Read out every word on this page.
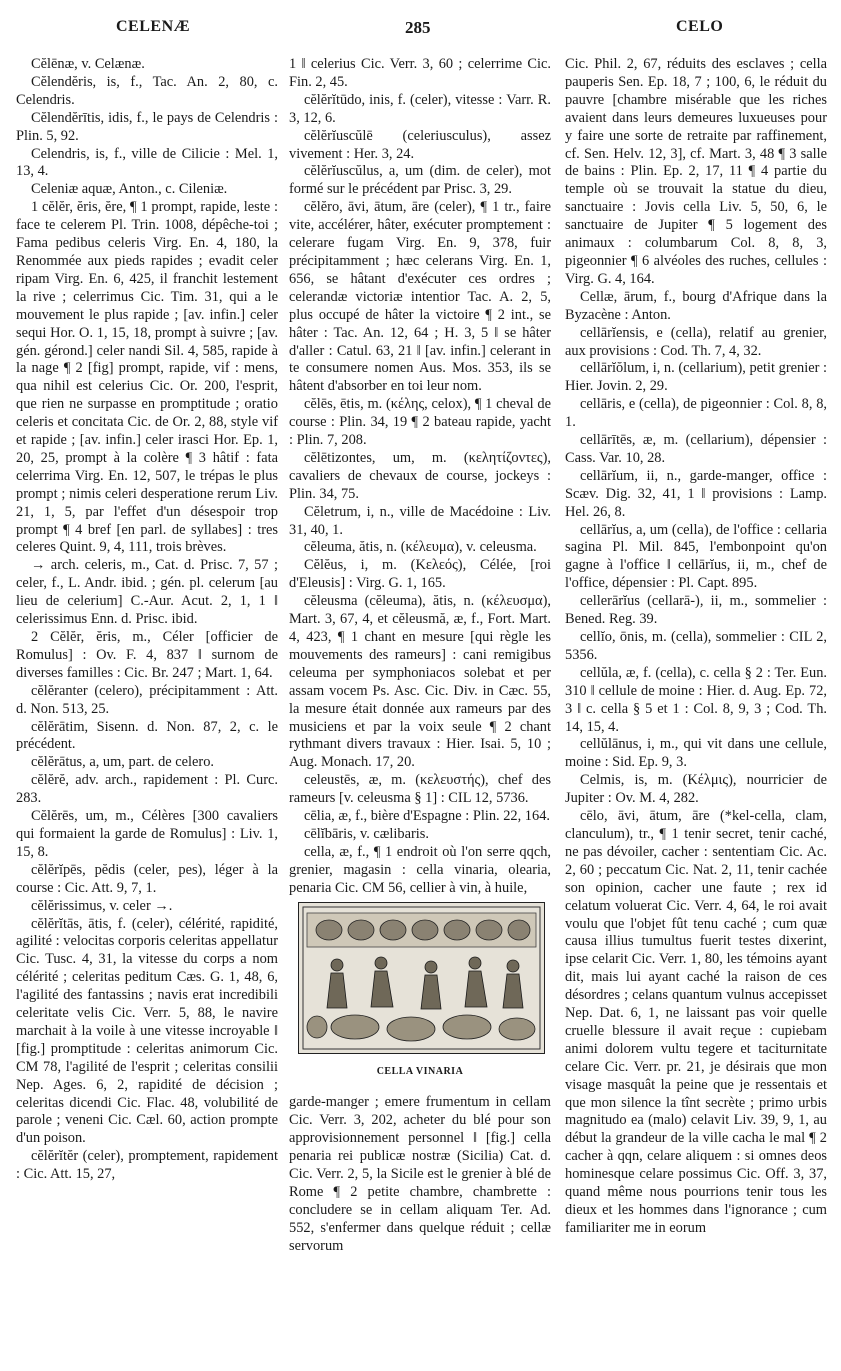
CELENÆ	285	CELO

Cĕlēnæ, v. Celænæ.

Cĕlendĕris, is, f., Tac. An. 2, 80, c. Celendris.

Cĕlendĕrītis, idis, f., le pays de Celendris : Plin. 5, 92.

Celendris, is, f., ville de Cilicie : Mel. 1, 13, 4.

Celeniæ aquæ, Anton., c. Cileniæ.

1 cĕlĕr, ĕris, ĕre, ¶ 1 prompt, rapide, leste : face te celerem Pl. Trin. 1008, dépêche-toi ; Fama pedibus celeris Virg. En. 4, 180, la Renommée aux pieds rapides ; evadit celer ripam Virg. En. 6, 425, il franchit lestement la rive ; celerrimus Cic. Tim. 31, qui a le mouvement le plus rapide ; [av. infin.] celer sequi Hor. O. 1, 15, 18, prompt à suivre ; [av. gén. gérond.] celer nandi Sil. 4, 585, rapide à la nage ¶ 2 [fig] prompt, rapide, vif : mens, qua nihil est celerius Cic. Or. 200, l'esprit, que rien ne surpasse en promptitude ; oratio celeris et concitata Cic. de Or. 2, 88, style vif et rapide ; [av. infin.] celer irasci Hor. Ep. 1, 20, 25, prompt à la colère ¶ 3 hâtif : fata celerrima Virg. En. 12, 507, le trépas le plus prompt ; nimis celeri desperatione rerum Liv. 21, 1, 5, par l'effet d'un désespoir trop prompt ¶ 4 bref [en parl. de syllabes] : tres celeres Quint. 9, 4, 111, trois brèves.

→ arch. celeris, m., Cat. d. Prisc. 7, 57 ; celer, f., L. Andr. ibid. ; gén. pl. celerum [au lieu de celerium] C.-Aur. Acut. 2, 1, 1 ‖ celerissimus Enn. d. Prisc. ibid.

2 Cĕlĕr, ĕris, m., Céler [officier de Romulus] : Ov. F. 4, 837 ‖ surnom de diverses familles : Cic. Br. 247 ; Mart. 1, 64.

cĕlĕranter (celero), précipitamment : Att. d. Non. 513, 25.

cĕlĕrātim, Sisenn. d. Non. 87, 2, c. le précédent.

cĕlĕrātus, a, um, part. de celero.

cĕlĕrĕ, adv. arch., rapidement : Pl. Curc. 283.

Cĕlĕrēs, um, m., Célères [300 cavaliers qui formaient la garde de Romulus] : Liv. 1, 15, 8.

cĕlĕrĭpēs, pĕdis (celer, pes), léger à la course : Cic. Att. 9, 7, 1.

cĕlĕrissimus, v. celer →.

cĕlĕrĭtās, ātis, f. (celer), célérité, rapidité, agilité : velocitas corporis celeritas appellatur Cic. Tusc. 4, 31, la vitesse du corps a nom célérité ; celeritas peditum Cæs. G. 1, 48, 6, l'agilité des fantassins ; navis erat incredibili celeritate velis Cic. Verr. 5, 88, le navire marchait à la voile à une vitesse incroyable ‖ [fig.] promptitude : celeritas animorum Cic. CM 78, l'agilité de l'esprit ; celeritas consilii Nep. Ages. 6, 2, rapidité de décision ; celeritas dicendi Cic. Flac. 48, volubilité de parole ; veneni Cic. Cæl. 60, action prompte d'un poison.

cĕlĕrĭtĕr (celer), promptement, rapidement : Cic. Att. 15, 27,

1 ‖ celerius Cic. Verr. 3, 60 ; celerrime Cic. Fin. 2, 45.

cĕlĕrĭtūdo, inis, f. (celer), vitesse : Varr. R. 3, 12, 6.

cĕlĕrĭuscŭlē (celeriusculus), assez vivement : Her. 3, 24.

cĕlĕrĭuscŭlus, a, um (dim. de celer), mot formé sur le précédent par Prisc. 3, 29.

cĕlĕro, āvi, ātum, āre (celer), ¶ 1 tr., faire vite, accélérer, hâter, exécuter promptement : celerare fugam Virg. En. 9, 378, fuir précipitamment ; hæc celerans Virg. En. 1, 656, se hâtant d'exécuter ces ordres ; celerandæ victoriæ intentior Tac. A. 2, 5, plus occupé de hâter la victoire ¶ 2 int., se hâter : Tac. An. 12, 64 ; H. 3, 5 ‖ se hâter d'aller : Catul. 63, 21 ‖ [av. infin.] celerant in te consumere nomen Aus. Mos. 353, ils se hâtent d'absorber en toi leur nom.

cĕlēs, ētis, m. (κέλης, celox), ¶ 1 cheval de course : Plin. 34, 19 ¶ 2 bateau rapide, yacht : Plin. 7, 208.

cĕlētizontes, um, m. (κελητίζοντες), cavaliers de chevaux de course, jockeys : Plin. 34, 75.

Cĕletrum, i, n., ville de Macédoine : Liv. 31, 40, 1.

cĕleuma, ătis, n. (κέλευμα), v. celeusma.

Cĕlĕus, i, m. (Κελεός), Célée, [roi d'Eleusis] : Virg. G. 1, 165.

cĕleusma (cĕleuma), ătis, n. (κέλευσμα), Mart. 3, 67, 4, et cĕleusmă, æ, f., Fort. Mart. 4, 423, ¶ 1 chant en mesure [qui règle les mouvements des rameurs] : cani remigibus celeuma per symphoniacos solebat et per assam vocem Ps. Asc. Cic. Div. in Cæc. 55, la mesure était donnée aux rameurs par des musiciens et par la voix seule ¶ 2 chant rythmant divers travaux : Hier. Isai. 5, 10 ; Aug. Monach. 17, 20.

celeustēs, æ, m. (κελευστής), chef des rameurs [v. celeusma § 1] : CIL 12, 5736.

cēlia, æ, f., bière d'Espagne : Plin. 22, 164.

cēlĭbāris, v. cælibaris.

cella, æ, f., ¶ 1 endroit où l'on serre qqch, grenier, magasin : cella vinaria, olearia, penaria Cic. CM 56, cellier à vin, à huile,

CELLA VINARIA

garde-manger ; emere frumentum in cellam Cic. Verr. 3, 202, acheter du blé pour son approvisionnement personnel ‖ [fig.] cella penaria rei publicæ nostræ (Sicilia) Cat. d. Cic. Verr. 2, 5, la Sicile est le grenier à blé de Rome ¶ 2 petite chambre, chambrette : concludere se in cellam aliquam Ter. Ad. 552, s'enfermer dans quelque réduit ; cellæ servorum

Cic. Phil. 2, 67, réduits des esclaves ; cella pauperis Sen. Ep. 18, 7 ; 100, 6, le réduit du pauvre [chambre misérable que les riches avaient dans leurs demeures luxueuses pour y faire une sorte de retraite par raffinement, cf. Sen. Helv. 12, 3], cf. Mart. 3, 48 ¶ 3 salle de bains : Plin. Ep. 2, 17, 11 ¶ 4 partie du temple où se trouvait la statue du dieu, sanctuaire : Jovis cella Liv. 5, 50, 6, le sanctuaire de Jupiter ¶ 5 logement des animaux : columbarum Col. 8, 8, 3, pigeonnier ¶ 6 alvéoles des ruches, cellules : Virg. G. 4, 164.

Cellæ, ārum, f., bourg d'Afrique dans la Byzacène : Anton.

cellārĭensis, e (cella), relatif au grenier, aux provisions : Cod. Th. 7, 4, 32.

cellārĭŏlum, i, n. (cellarium), petit grenier : Hier. Jovin. 2, 29.

cellāris, e (cella), de pigeonnier : Col. 8, 8, 1.

cellārītēs, æ, m. (cellarium), dépensier : Cass. Var. 10, 28.

cellārĭum, ii, n., garde-manger, office : Scæv. Dig. 32, 41, 1 ‖ provisions : Lamp. Hel. 26, 8.

cellārĭus, a, um (cella), de l'office : cellaria sagina Pl. Mil. 845, l'embonpoint qu'on gagne à l'office ‖ cellārĭus, ii, m., chef de l'office, dépensier : Pl. Capt. 895.

cellerārĭus (cellarā-), ii, m., sommelier : Bened. Reg. 39.

cellĭo, ōnis, m. (cella), sommelier : CIL 2, 5356.

cellŭla, æ, f. (cella), c. cella § 2 : Ter. Eun. 310 ‖ cellule de moine : Hier. d. Aug. Ep. 72, 3 ‖ c. cella § 5 et 1 : Col. 8, 9, 3 ; Cod. Th. 14, 15, 4.

cellŭlānus, i, m., qui vit dans une cellule, moine : Sid. Ep. 9, 3.

Celmis, is, m. (Κέλμις), nourricier de Jupiter : Ov. M. 4, 282.

cēlo, āvi, ātum, āre (*kel-cella, clam, clanculum), tr., ¶ 1 tenir secret, tenir caché, ne pas dévoiler, cacher : sententiam Cic. Ac. 2, 60 ; peccatum Cic. Nat. 2, 11, tenir cachée son opinion, cacher une faute ; rex id celatum voluerat Cic. Verr. 4, 64, le roi avait voulu que l'objet fût tenu caché ; cum quæ causa illius tumultus fuerit testes dixerint, ipse celarit Cic. Verr. 1, 80, les témoins ayant dit, mais lui ayant caché la raison de ces désordres ; celans quantum vulnus accepisset Nep. Dat. 6, 1, ne laissant pas voir quelle cruelle blessure il avait reçue : cupiebam animi dolorem vultu tegere et taciturnitate celare Cic. Verr. pr. 21, je désirais que mon visage masquât la peine que je ressentais et que mon silence la tînt secrète ; primo urbis magnitudo ea (malo) celavit Liv. 39, 9, 1, au début la grandeur de la ville cacha le mal ¶ 2 cacher à qqn, celare aliquem : si omnes deos hominesque celare possimus Cic. Off. 3, 37, quand même nous pourrions tenir tous les dieux et les hommes dans l'ignorance ; cum familiariter me in eorum
